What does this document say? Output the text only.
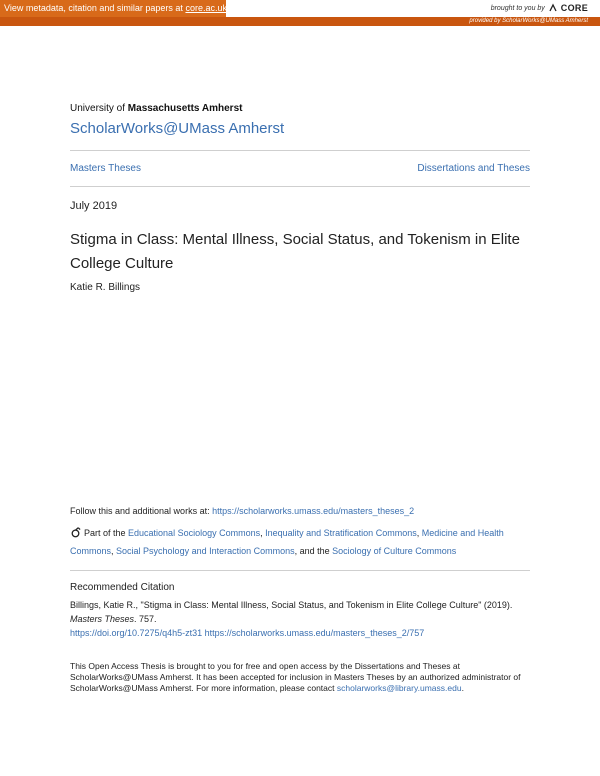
View metadata, citation and similar papers at core.ac.uk	brought to you by CORE
provided by ScholarWorks@UMass Amherst
University of Massachusetts Amherst
ScholarWorks@UMass Amherst
Masters Theses	Dissertations and Theses
July 2019
Stigma in Class: Mental Illness, Social Status, and Tokenism in Elite College Culture
Katie R. Billings
Follow this and additional works at: https://scholarworks.umass.edu/masters_theses_2
Part of the Educational Sociology Commons, Inequality and Stratification Commons, Medicine and Health Commons, Social Psychology and Interaction Commons, and the Sociology of Culture Commons
Recommended Citation
Billings, Katie R., "Stigma in Class: Mental Illness, Social Status, and Tokenism in Elite College Culture" (2019). Masters Theses. 757.
https://doi.org/10.7275/q4h5-zt31 https://scholarworks.umass.edu/masters_theses_2/757
This Open Access Thesis is brought to you for free and open access by the Dissertations and Theses at ScholarWorks@UMass Amherst. It has been accepted for inclusion in Masters Theses by an authorized administrator of ScholarWorks@UMass Amherst. For more information, please contact scholarworks@library.umass.edu.
